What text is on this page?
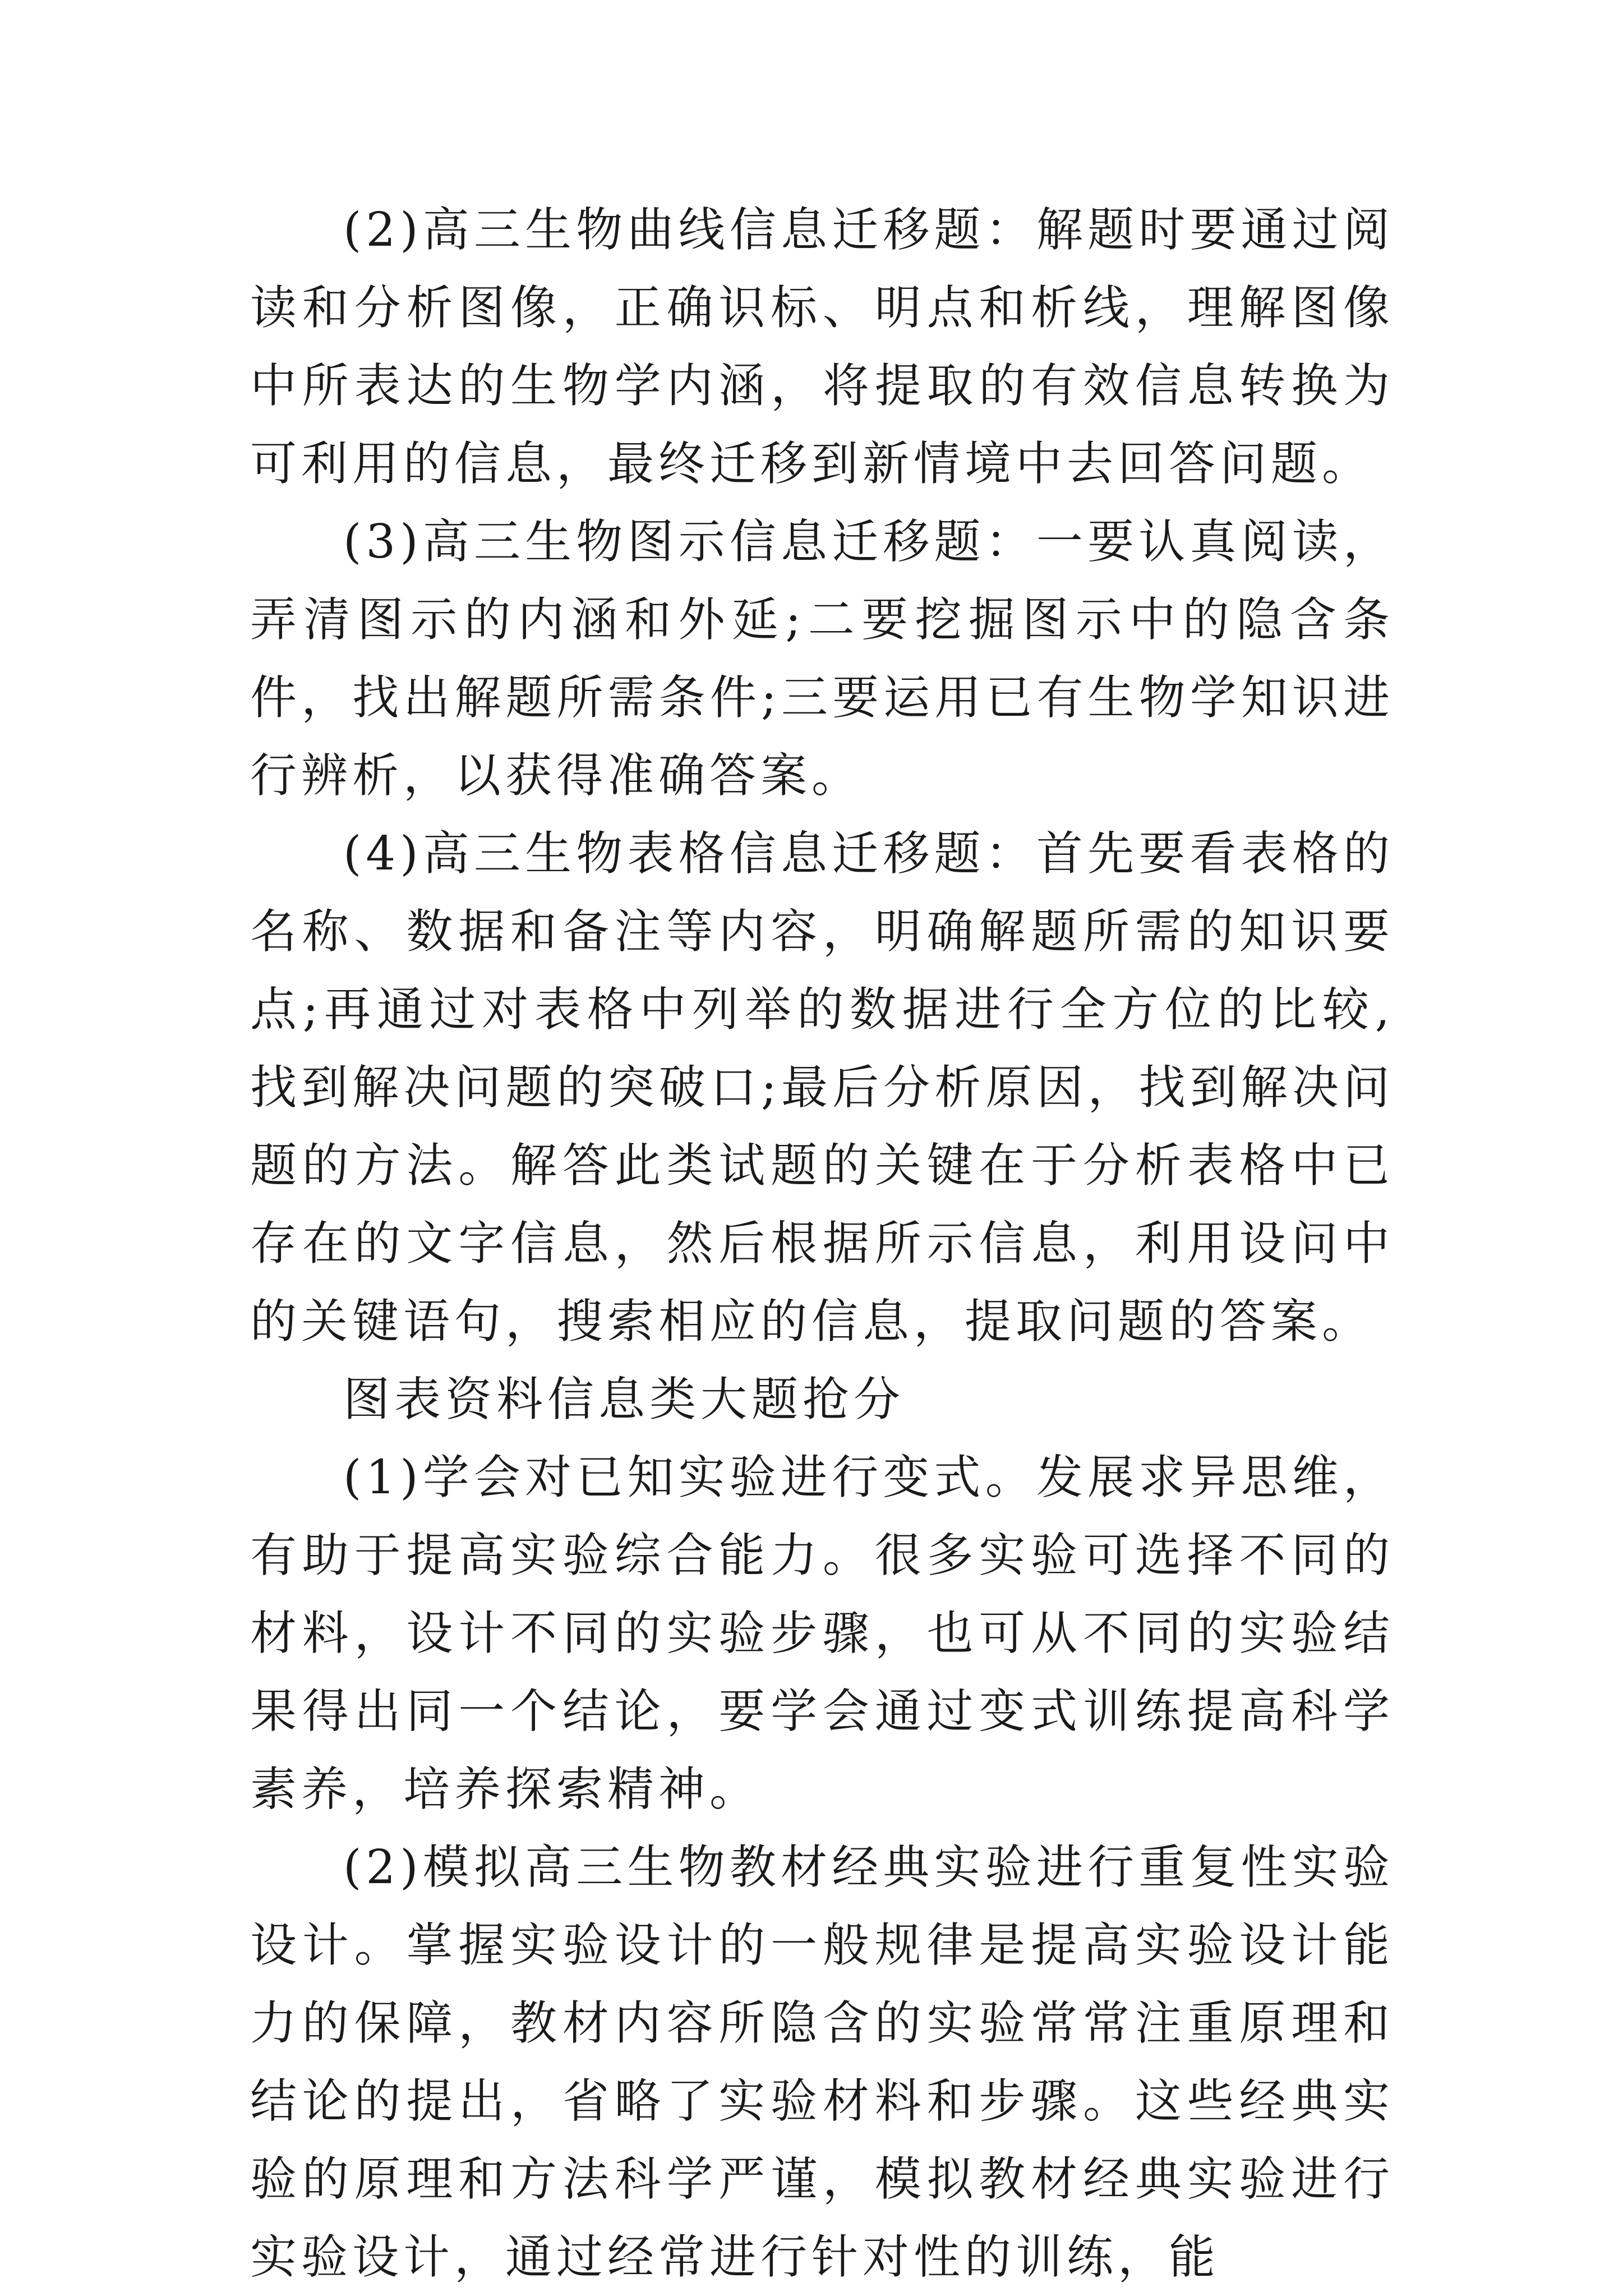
(2)高三生物曲线信息迁移题：解题时要通过阅读和分析图像，正确识标、明点和析线，理解图像中所表达的生物学内涵，将提取的有效信息转换为可利用的信息，最终迁移到新情境中去回答问题。

(3)高三生物图示信息迁移题：一要认真阅读，弄清图示的内涵和外延;二要挖掘图示中的隐含条件，找出解题所需条件;三要运用已有生物学知识进行辨析，以获得准确答案。

(4)高三生物表格信息迁移题：首先要看表格的名称、数据和备注等内容，明确解题所需的知识要点;再通过对表格中列举的数据进行全方位的比较,找到解决问题的突破口;最后分析原因，找到解决问题的方法。解答此类试题的关键在于分析表格中已存在的文字信息，然后根据所示信息，利用设问中的关键语句，搜索相应的信息，提取问题的答案。

图表资料信息类大题抢分

(1)学会对已知实验进行变式。发展求异思维，有助于提高实验综合能力。很多实验可选择不同的材料，设计不同的实验步骤，也可从不同的实验结果得出同一个结论，要学会通过变式训练提高科学素养，培养探索精神。

(2)模拟高三生物教材经典实验进行重复性实验设计。掌握实验设计的一般规律是提高实验设计能力的保障，教材内容所隐含的实验常常注重原理和结论的提出，省略了实验材料和步骤。这些经典实验的原理和方法科学严谨，模拟教材经典实验进行实验设计，通过经常进行针对性的训练，能
